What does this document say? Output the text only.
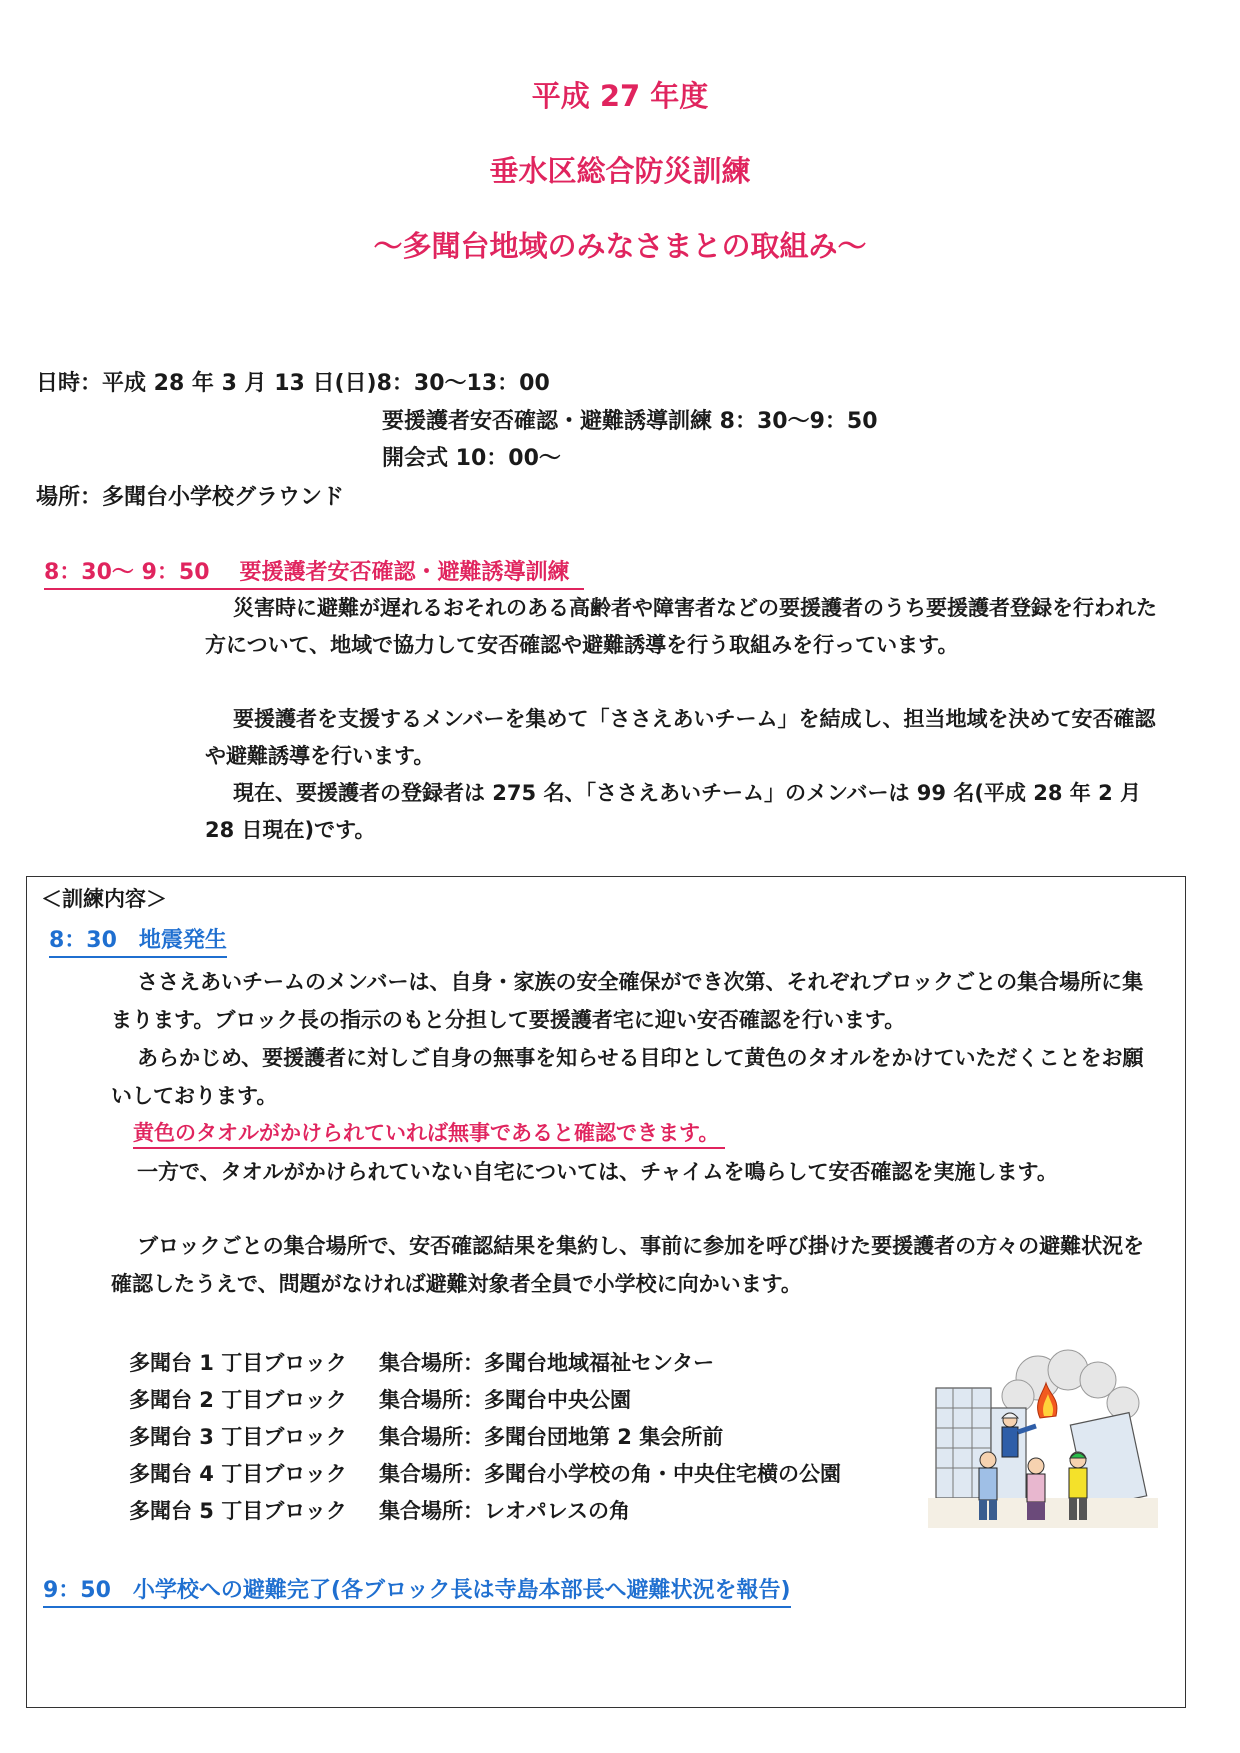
平成 27 年度
垂水区総合防災訓練
～多聞台地域のみなさまとの取組み～
日時：平成 28 年 3 月 13 日(日)8：30～13：00
要援護者安否確認・避難誘導訓練 8：30～9：50
開会式 10：00～
場所：多聞台小学校グラウンド
8：30～ 9：50 要援護者安否確認・避難誘導訓練
災害時に避難が遅れるおそれのある高齢者や障害者などの要援護者のうち要援護者登録を行われた方について、地域で協力して安否確認や避難誘導を行う取組みを行っています。
要援護者を支援するメンバーを集めて「ささえあいチーム」を結成し、担当地域を決めて安否確認や避難誘導を行います。
現在、要援護者の登録者は 275 名、「ささえあいチーム」のメンバーは 99 名(平成 28 年 2 月 28 日現在)です。
＜訓練内容＞
8：30　地震発生
ささえあいチームのメンバーは、自身・家族の安全確保ができ次第、それぞれブロックごとの集合場所に集まります。ブロック長の指示のもと分担して要援護者宅に迎い安否確認を行います。
あらかじめ、要援護者に対しご自身の無事を知らせる目印として黄色のタオルをかけていただくことをお願いしております。
黄色のタオルがかけられていれば無事であると確認できます。
一方で、タオルがかけられていない自宅については、チャイムを鳴らして安否確認を実施します。
ブロックごとの集合場所で、安否確認結果を集約し、事前に参加を呼び掛けた要援護者の方々の避難状況を確認したうえで、問題がなければ避難対象者全員で小学校に向かいます。
多聞台 1 丁目ブロック 集合場所：多聞台地域福祉センター
多聞台 2 丁目ブロック 集合場所：多聞台中央公園
多聞台 3 丁目ブロック 集合場所：多聞台団地第 2 集会所前
多聞台 4 丁目ブロック 集合場所：多聞台小学校の角・中央住宅横の公園
多聞台 5 丁目ブロック 集合場所：レオパレスの角
9：50　小学校への避難完了(各ブロック長は寺島本部長へ避難状況を報告)
